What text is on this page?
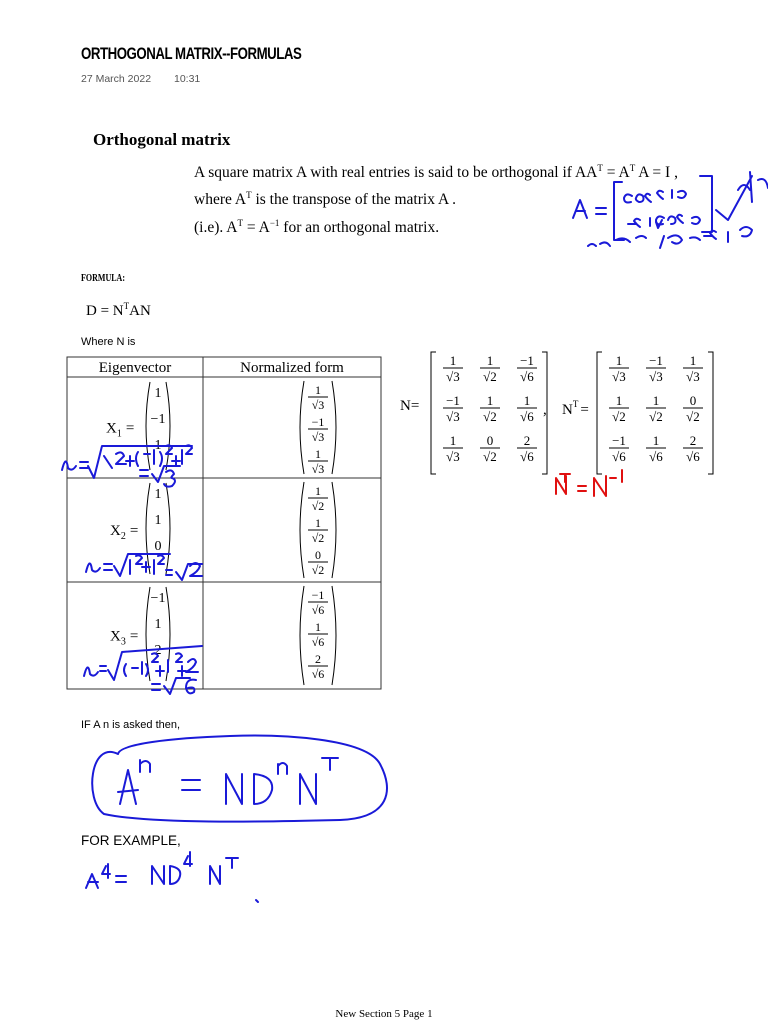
ORTHOGONAL MATRIX--FORMULAS
27 March 2022 10:31
Orthogonal matrix
A square matrix A with real entries is said to be orthogonal if $AA^T = A^T$ A = I ,
where $A^T$ is the transpose of the matrix A .
(i.e). $A^T = A^{-1}$ for an orthogonal matrix.
FORMULA:
$D = N^TAN$
Where N is
Eigenvector	Normalized form
$X_1$ =
1
−1
1
1
√3
−1
√3
1
√3
$X_2$ =
1
1
0
1
√2
1
√2
0
√2
$X_3$ =
−1
1
2
−1
√6
1
√6
2
√6
1
√3
1
√2
−1
√6
−1
√3
1
√2
1
√6
1
√3
0
√2
2
√6
1
√3
−1
√3
1
√3
1
√2
1
√2
0
√2
−1
√6
1
√6
2
√6
N=	, $N^T$ =
IF A n is asked then,
FOR EXAMPLE,
New Section 5 Page 1
